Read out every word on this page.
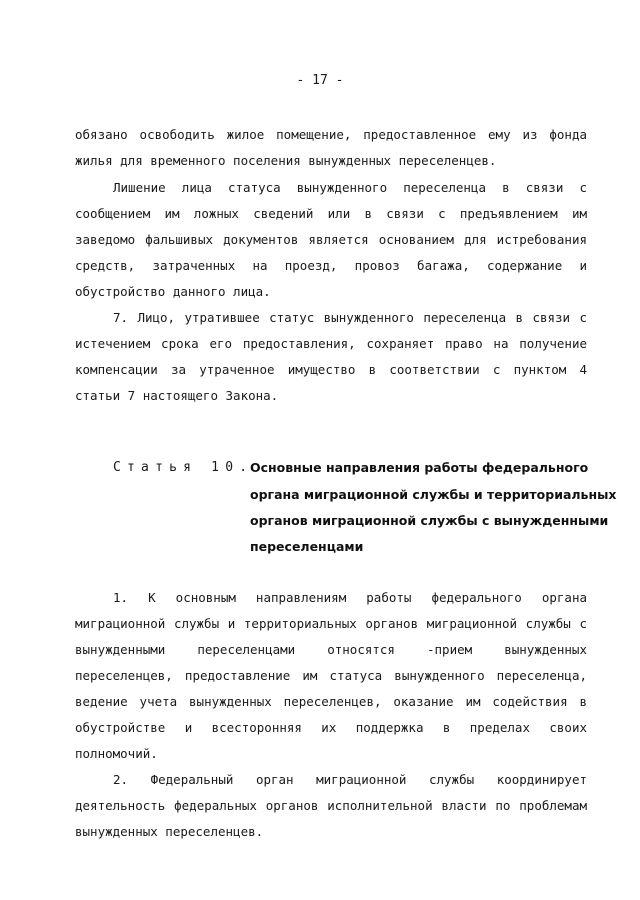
- 17 -
обязано освободить жилое помещение, предоставленное ему из фонда
жилья для временного поселения вынужденных переселенцев.
Лишение лица статуса вынужденного переселенца в связи с
сообщением им ложных сведений или в связи с предъявлением им
заведомо фальшивых документов является основанием для истребования
средств, затраченных на проезд, провоз багажа, содержание и
обустройство данного лица.
7. Лицо, утратившее статус вынужденного переселенца в связи с
истечением срока его предоставления, сохраняет право на получение
компенсации за утраченное имущество в соответствии с пунктом 4
статьи 7 настоящего Закона.
Статья 10.
Основные направления работы федерального
органа миграционной службы и территориальных
органов миграционной службы с вынужденными
переселенцами
1. К основным направлениям работы федерального органа
миграционной службы и территориальных органов миграционной службы с
вынужденными переселенцами относятся -прием вынужденных
переселенцев, предоставление им статуса вынужденного переселенца,
ведение учета вынужденных переселенцев, оказание им содействия в
обустройстве и всесторонняя их поддержка в пределах своих
полномочий.
2. Федеральный орган миграционной службы координирует
деятельность федеральных органов исполнительной власти по проблемам
вынужденных переселенцев.
